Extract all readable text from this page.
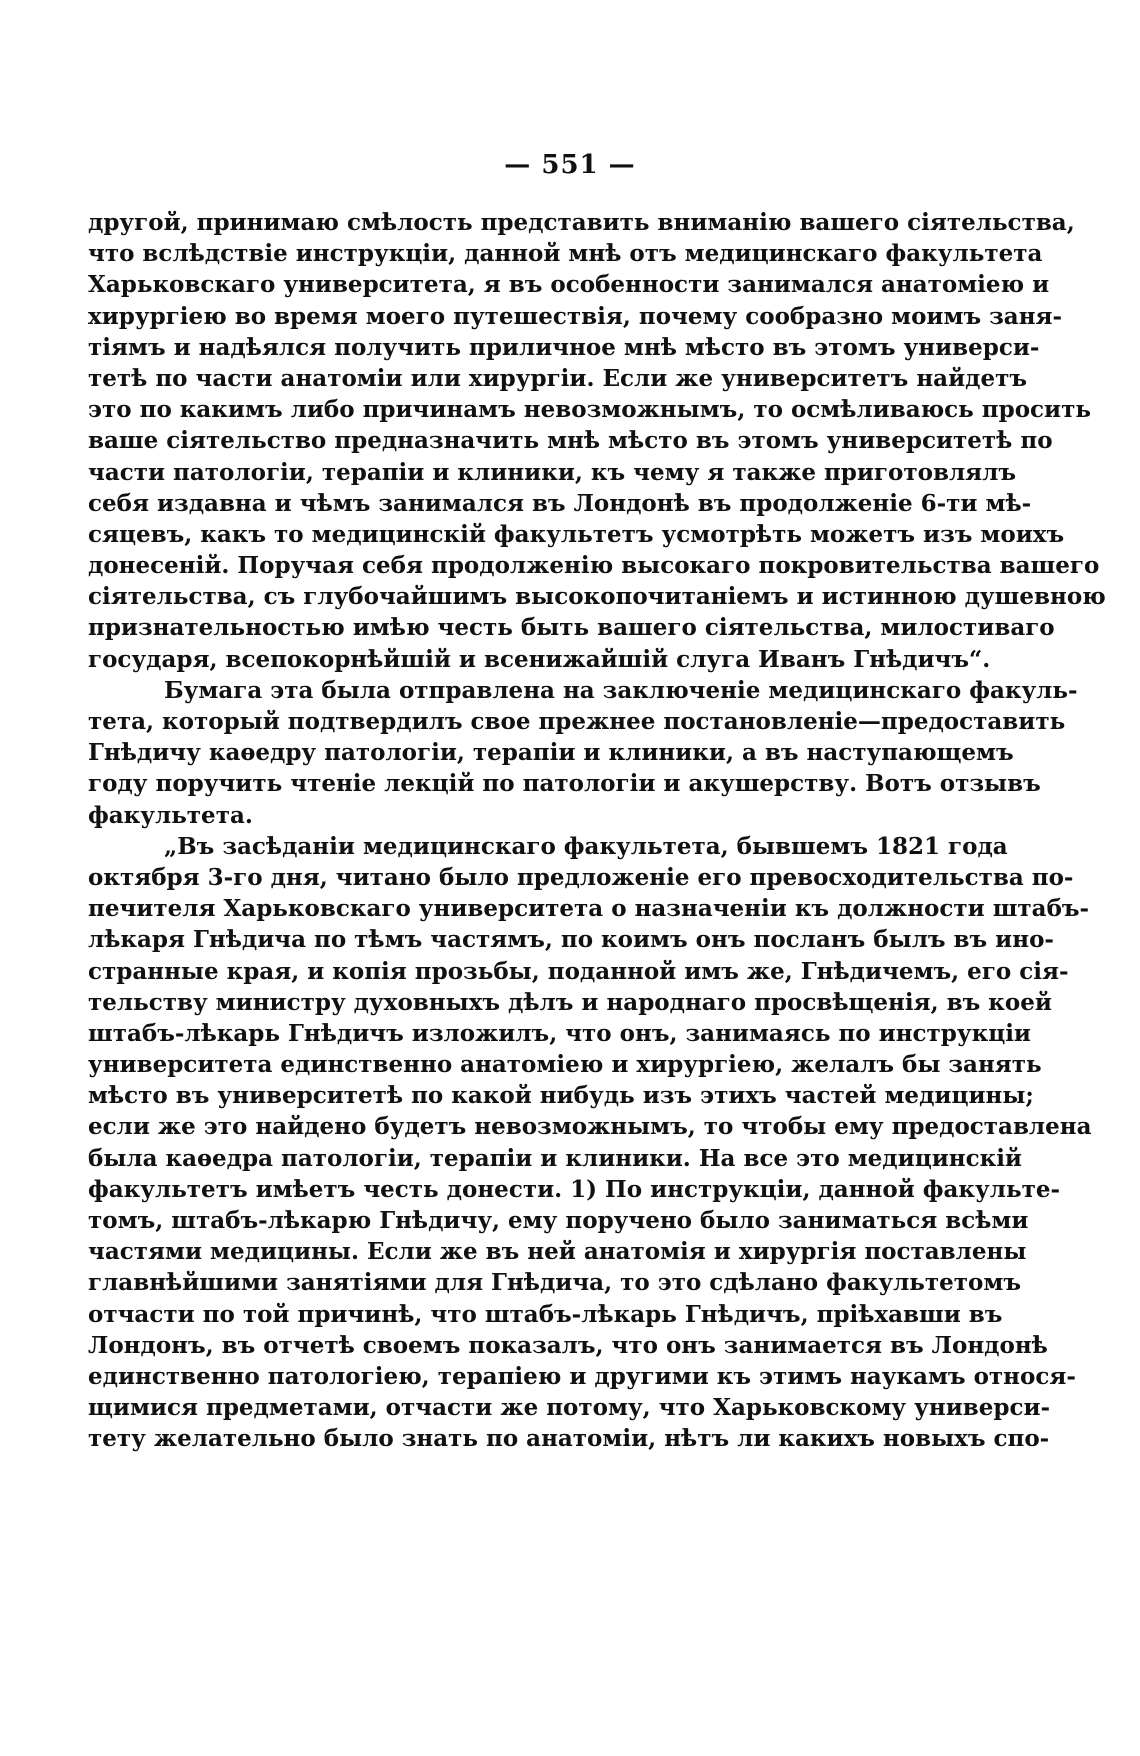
— 551 —
другой, принимаю смѣлость представить вниманiю вашего сiятельства,
что вслѣдствiе инструкцiи, данной мнѣ отъ медицинскаго факультета
Харьковскаго университета, я въ особенности занимался анатомiею и
хирургiею во время моего путешествiя, почему сообразно моимъ заня-
тiямъ и надѣялся получить приличное мнѣ мѣсто въ этомъ универси-
тетѣ по части анатомiи или хирургiи. Если же университетъ найдетъ
это по какимъ либо причинамъ невозможнымъ, то осмѣливаюсь просить
ваше сiятельство предназначить мнѣ мѣсто въ этомъ университетѣ по
части патологiи, терапiи и клиники, къ чему я также приготовлялъ
себя издавна и чѣмъ занимался въ Лондонѣ въ продолженiе 6-ти мѣ-
сяцевъ, какъ то медицинскiй факультетъ усмотрѣть можетъ изъ моихъ
донесенiй. Поручая себя продолженiю высокаго покровительства вашего
сiятельства, съ глубочайшимъ высокопочитанiемъ и истинною душевною
признательностью имѣю честь быть вашего сiятельства, милостиваго
государя, всепокорнѣйшiй и всенижайшiй слуга Иванъ Гнѣдичъ“.
Бумага эта была отправлена на заключенiе медицинскаго факуль-
тета, который подтвердилъ свое прежнее постановленiе—предоставить
Гнѣдичу каѳедру патологiи, терапiи и клиники, а въ наступающемъ
году поручить чтенiе лекцiй по патологiи и акушерству. Вотъ отзывъ
факультета.
„Въ засѣданiи медицинскаго факультета, бывшемъ 1821 года
октября 3-го дня, читано было предложенiе его превосходительства по-
печителя Харьковскаго университета о назначенiи къ должности штабъ-
лѣкаря Гнѣдича по тѣмъ частямъ, по коимъ онъ посланъ былъ въ ино-
странные края, и копiя прозьбы, поданной имъ же, Гнѣдичемъ, его сiя-
тельству министру духовныхъ дѣлъ и народнаго просвѣщенiя, въ коей
штабъ-лѣкарь Гнѣдичъ изложилъ, что онъ, занимаясь по инструкцiи
университета единственно анатомiею и хирургiею, желалъ бы занять
мѣсто въ университетѣ по какой нибудь изъ этихъ частей медицины;
если же это найдено будетъ невозможнымъ, то чтобы ему предоставлена
была каѳедра патологiи, терапiи и клиники. На все это медицинскiй
факультетъ имѣетъ честь донести. 1) По инструкцiи, данной факульте-
томъ, штабъ-лѣкарю Гнѣдичу, ему поручено было заниматься всѣми
частями медицины. Если же въ ней анатомiя и хирургiя поставлены
главнѣйшими занятiями для Гнѣдича, то это сдѣлано факультетомъ
отчасти по той причинѣ, что штабъ-лѣкарь Гнѣдичъ, прiѣхавши въ
Лондонъ, въ отчетѣ своемъ показалъ, что онъ занимается въ Лондонѣ
единственно патологiею, терапiею и другими къ этимъ наукамъ относя-
щимися предметами, отчасти же потому, что Харьковскому универси-
тету желательно было знать по анатомiи, нѣтъ ли какихъ новыхъ спо-
